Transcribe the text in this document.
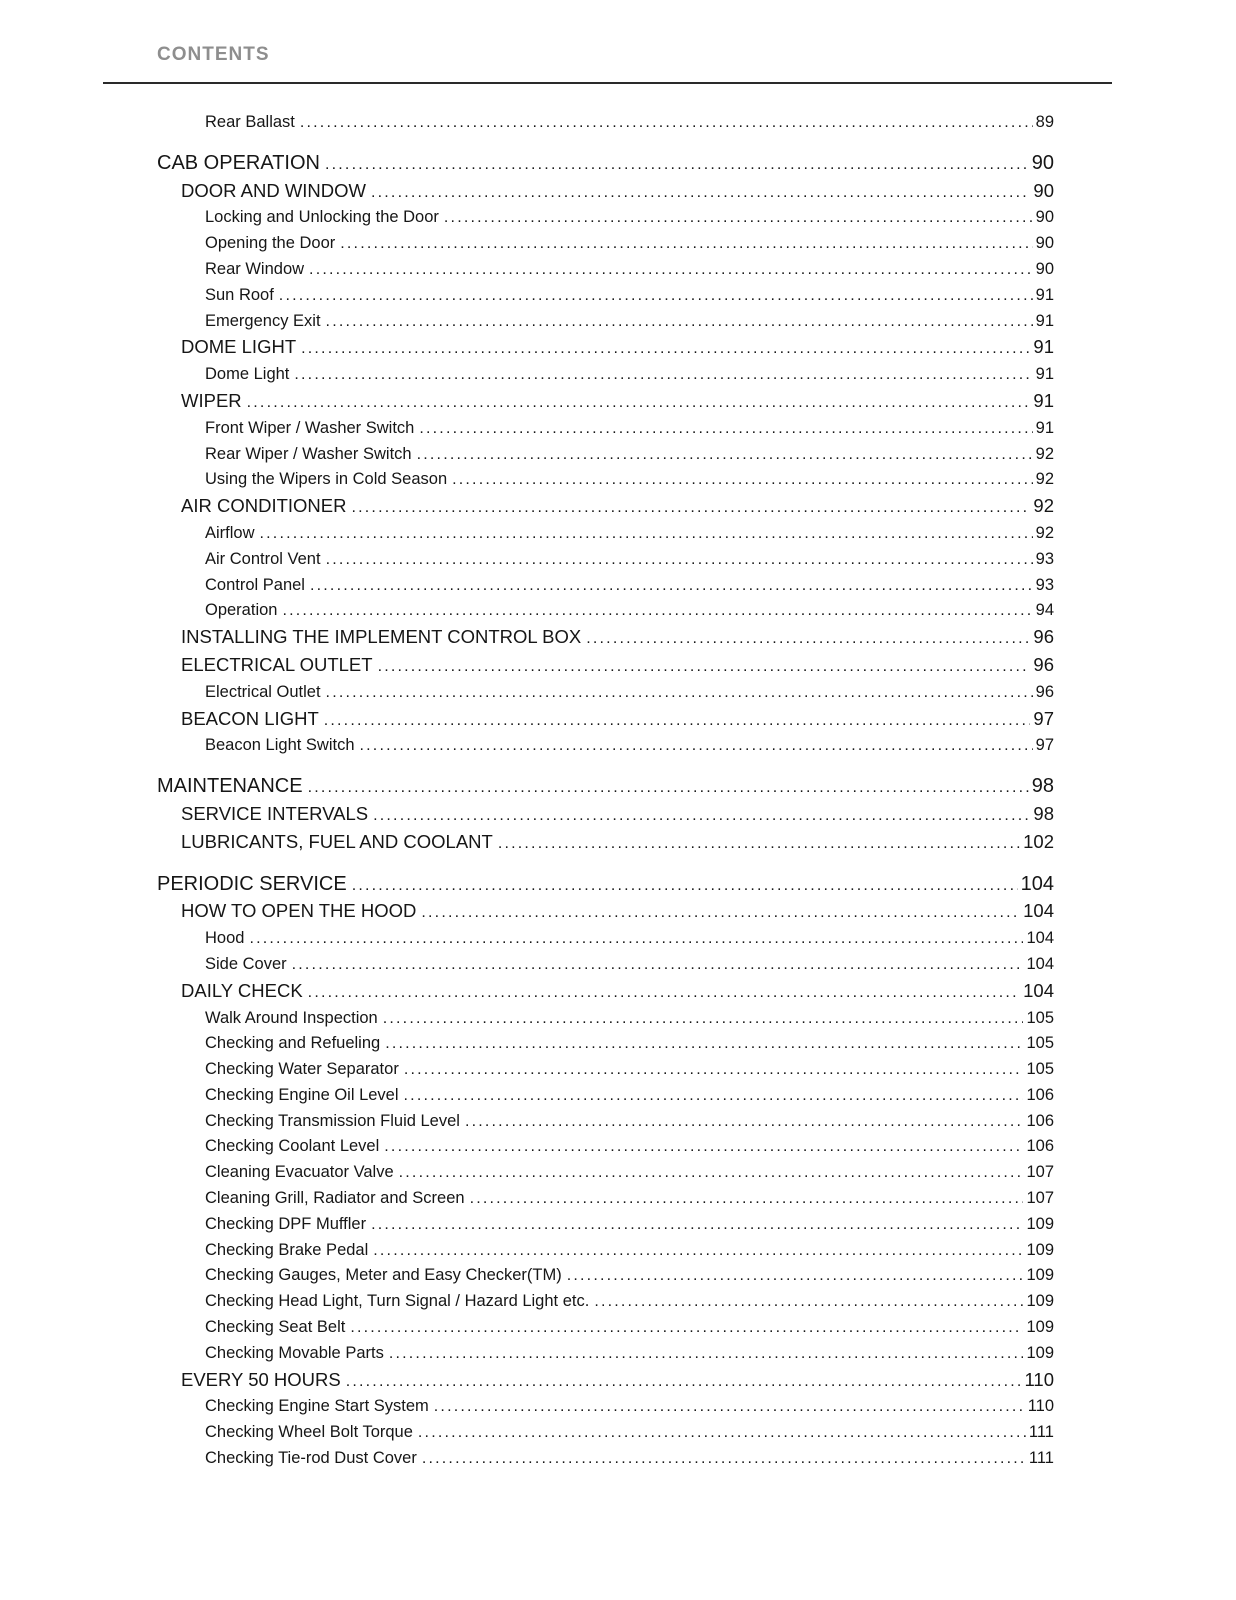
CONTENTS
Rear Ballast .....	89
CAB OPERATION .....	90
DOOR AND WINDOW .....	90
Locking and Unlocking the Door .....	90
Opening the Door .....	90
Rear Window .....	90
Sun Roof .....	91
Emergency Exit .....	91
DOME LIGHT .....	91
Dome Light .....	91
WIPER .....	91
Front Wiper / Washer Switch .....	91
Rear Wiper / Washer Switch .....	92
Using the Wipers in Cold Season .....	92
AIR CONDITIONER .....	92
Airflow .....	92
Air Control Vent .....	93
Control Panel .....	93
Operation .....	94
INSTALLING THE IMPLEMENT CONTROL BOX .....	96
ELECTRICAL OUTLET .....	96
Electrical Outlet .....	96
BEACON LIGHT .....	97
Beacon Light Switch .....	97
MAINTENANCE .....	98
SERVICE INTERVALS .....	98
LUBRICANTS, FUEL AND COOLANT .....	102
PERIODIC SERVICE .....	104
HOW TO OPEN THE HOOD .....	104
Hood .....	104
Side Cover .....	104
DAILY CHECK .....	104
Walk Around Inspection .....	105
Checking and Refueling .....	105
Checking Water Separator .....	105
Checking Engine Oil Level .....	106
Checking Transmission Fluid Level .....	106
Checking Coolant Level .....	106
Cleaning Evacuator Valve .....	107
Cleaning Grill, Radiator and Screen .....	107
Checking DPF Muffler .....	109
Checking Brake Pedal .....	109
Checking Gauges, Meter and Easy Checker(TM) .....	109
Checking Head Light, Turn Signal / Hazard Light etc. .....	109
Checking Seat Belt .....	109
Checking Movable Parts .....	109
EVERY 50 HOURS .....	110
Checking Engine Start System .....	110
Checking Wheel Bolt Torque .....	111
Checking Tie-rod Dust Cover .....	111
